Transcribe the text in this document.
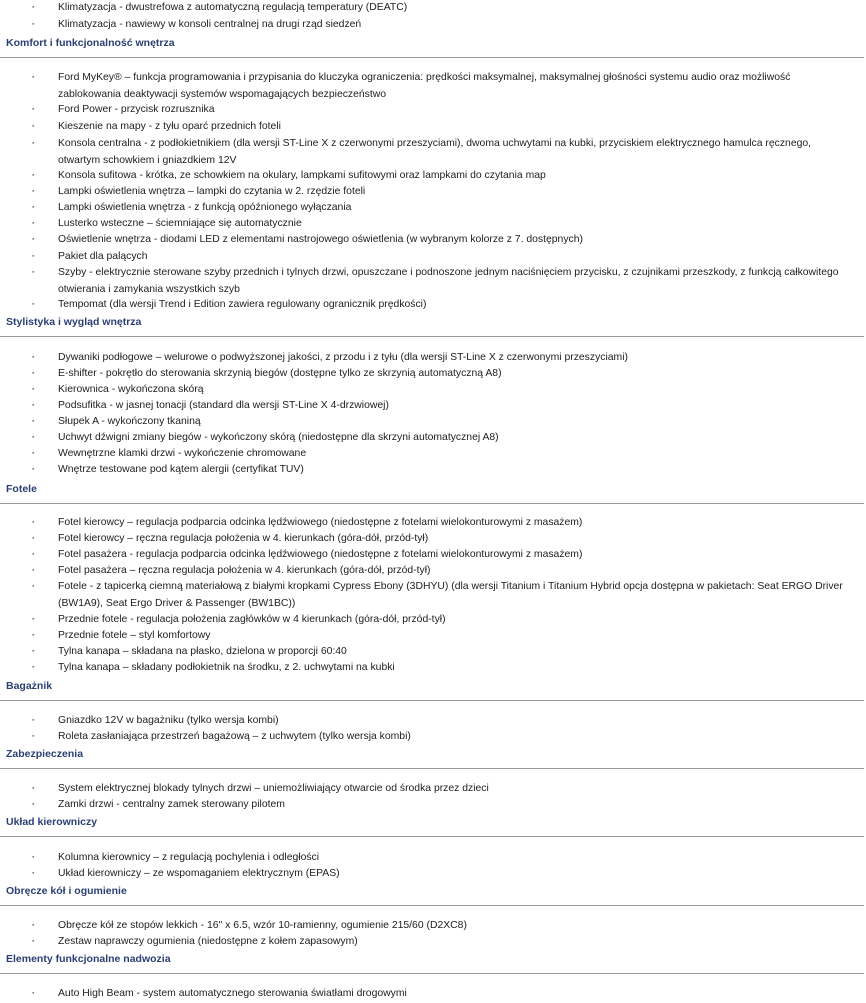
▪ Klimatyzacja - dwustrefowa z automatyczną regulacją temperatury (DEATC)
▪ Klimatyzacja - nawiewy w konsoli centralnej na drugi rząd siedzeń
Komfort i funkcjonalność wnętrza
▪ Ford MyKey® – funkcja programowania i przypisania do kluczyka ograniczenia: prędkości maksymalnej, maksymalnej głośności systemu audio oraz możliwość zablokowania deaktywacji systemów wspomagających bezpieczeństwo
▪ Ford Power - przycisk rozrusznika
▪ Kieszenie na mapy - z tyłu oparć przednich foteli
▪ Konsola centralna - z podłokietnikiem (dla wersji ST-Line X z czerwonymi przeszyciami), dwoma uchwytami na kubki, przyciskiem elektrycznego hamulca ręcznego, otwartym schowkiem i gniazdkiem 12V
▪ Konsola sufitowa - krótka, ze schowkiem na okulary, lampkami sufitowymi oraz lampkami do czytania map
▪ Lampki oświetlenia wnętrza – lampki do czytania w 2. rzędzie foteli
▪ Lampki oświetlenia wnętrza - z funkcją opóźnionego wyłączania
▪ Lusterko wsteczne – ściemniające się automatycznie
▪ Oświetlenie wnętrza - diodami LED z elementami nastrojowego oświetlenia (w wybranym kolorze z 7. dostępnych)
▪ Pakiet dla palących
▪ Szyby - elektrycznie sterowane szyby przednich i tylnych drzwi, opuszczane i podnoszone jednym naciśnięciem przycisku, z czujnikami przeszkody, z funkcją całkowitego otwierania i zamykania wszystkich szyb
▪ Tempomat (dla wersji Trend i Edition zawiera regulowany ogranicznik prędkości)
Stylistyka i wygląd wnętrza
▪ Dywaniki podłogowe – welurowe o podwyższonej jakości, z przodu i z tyłu (dla wersji ST-Line X z czerwonymi przeszyciami)
▪ E-shifter - pokrętło do sterowania skrzynią biegów (dostępne tylko ze skrzynią automatyczną A8)
▪ Kierownica - wykończona skórą
▪ Podsufitka - w jasnej tonacji (standard dla wersji ST-Line X 4-drzwiowej)
▪ Słupek A - wykończony tkaniną
▪ Uchwyt dźwigni zmiany biegów - wykończony skórą (niedostępne dla skrzyni automatycznej A8)
▪ Wewnętrzne klamki drzwi - wykończenie chromowane
▪ Wnętrze testowane pod kątem alergii (certyfikat TUV)
Fotele
▪ Fotel kierowcy – regulacja podparcia odcinka lędźwiowego (niedostępne z fotelami wielokonturowymi z masażem)
▪ Fotel kierowcy – ręczna regulacja położenia w 4. kierunkach (góra-dół, przód-tył)
▪ Fotel pasażera - regulacja podparcia odcinka lędźwiowego (niedostępne z fotelami wielokonturowymi z masażem)
▪ Fotel pasażera – ręczna regulacja położenia w 4. kierunkach (góra-dół, przód-tył)
▪ Fotele - z tapicerką ciemną materiałową z białymi kropkami Cypress Ebony (3DHYU) (dla wersji Titanium i Titanium Hybrid opcja dostępna w pakietach: Seat ERGO Driver (BW1A9), Seat Ergo Driver & Passenger (BW1BC))
▪ Przednie fotele - regulacja położenia zagłówków w 4 kierunkach (góra-dół, przód-tył)
▪ Przednie fotele – styl komfortowy
▪ Tylna kanapa – składana na płasko, dzielona w proporcji 60:40
▪ Tylna kanapa – składany podłokietnik na środku, z 2. uchwytami na kubki
Bagażnik
▪ Gniazdko 12V w bagażniku (tylko wersja kombi)
▪ Roleta zasłaniająca przestrzeń bagażową – z uchwytem (tylko wersja kombi)
Zabezpieczenia
▪ System elektrycznej blokady tylnych drzwi – uniemożliwiający otwarcie od środka przez dzieci
▪ Zamki drzwi - centralny zamek sterowany pilotem
Układ kierowniczy
▪ Kolumna kierownicy – z regulacją pochylenia i odległości
▪ Układ kierowniczy – ze wspomaganiem elektrycznym (EPAS)
Obręcze kół i ogumienie
▪ Obręcze kół ze stopów lekkich - 16" x 6.5, wzór 10-ramienny, ogumienie 215/60 (D2XC8)
▪ Zestaw naprawczy ogumienia (niedostępne z kołem zapasowym)
Elementy funkcjonalne nadwozia
▪ Auto High Beam - system automatycznego sterowania światłami drogowymi
